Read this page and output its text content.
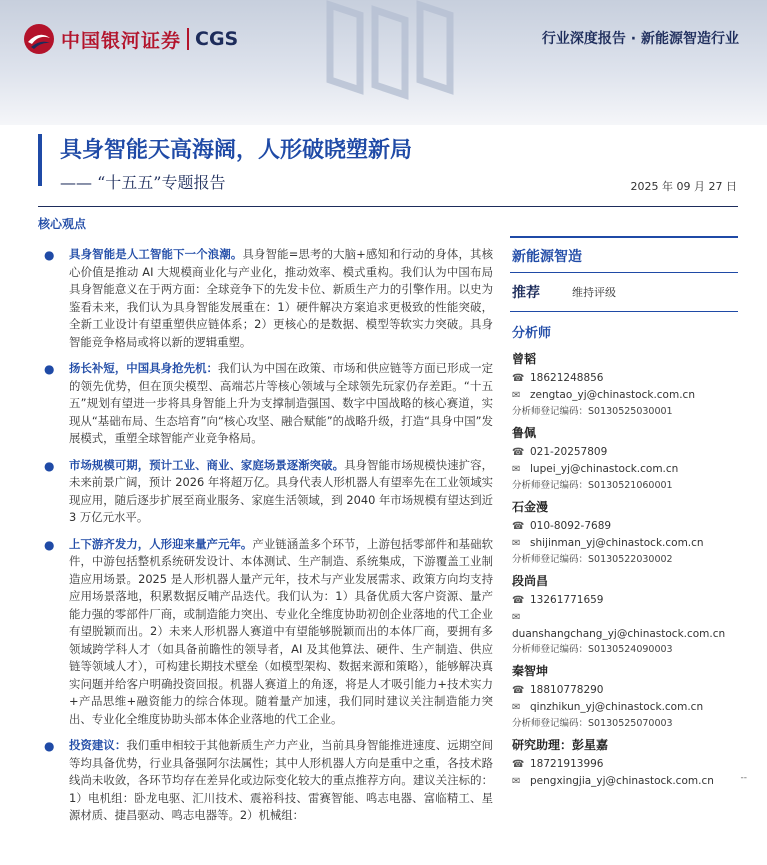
中国银河证券 CGS	行业深度报告 · 新能源智造行业
具身智能天高海阔，人形破晓塑新局
—— “十五五”专题报告	2025 年 09 月 27 日
核心观点
● 具身智能是人工智能下一个浪潮。具身智能=思考的大脑+感知和行动的身体，其核心价值是推动 AI 大规模商业化与产业化，推动效率、模式重构。我们认为中国布局具身智能意义在于两方面：全球竞争下的先发卡位、新质生产力的引擎作用。以史为鉴看未来，我们认为具身智能发展重在：1）硬件解决方案追求更极致的性能突破，全新工业设计有望重塑供应链体系；2）更核心的是数据、模型等软实力突破。具身智能竞争格局或将以新的逻辑重塑。

● 扬长补短，中国具身抢先机：我们认为中国在政策、市场和供应链等方面已形成一定的领先优势，但在顶尖模型、高端芯片等核心领域与全球领先玩家仍存差距。“十五五”规划有望进一步将具身智能上升为支撑制造强国、数字中国战略的核心赛道，实现从“基础布局、生态培育”向“核心攻坚、融合赋能”的战略升级，打造“具身中国”发展模式，重塑全球智能产业竞争格局。

● 市场规模可期，预计工业、商业、家庭场景逐渐突破。具身智能市场规模快速扩容，未来前景广阔，预计 2026 年将超万亿。具身代表人形机器人有望率先在工业领域实现应用，随后逐步扩展至商业服务、家庭生活领域，到 2040 年市场规模有望达到近 3 万亿元水平。

● 上下游齐发力，人形迎来量产元年。产业链涵盖多个环节，上游包括零部件和基础软件，中游包括整机系统研发设计、本体测试、生产制造、系统集成，下游覆盖工业制造应用场景。2025 是人形机器人量产元年，技术与产业发展需求、政策方向均支持应用场景落地，积累数据反哺产品迭代。我们认为：1）具备优质大客户资源、量产能力强的零部件厂商，或制造能力突出、专业化全维度协助初创企业落地的代工企业有望脱颖而出。2）未来人形机器人赛道中有望能够脱颖而出的本体厂商，要拥有多领域跨学科人才（如具备前瞻性的领导者，AI 及其他算法、硬件、生产制造、供应链等领域人才），可构建长期技术壁垒（如模型架构、数据来源和策略），能够解决真实问题并给客户明确投资回报。机器人赛道上的角逐，将是人才吸引能力+技术实力+产品思维+融资能力的综合体现。随着量产加速，我们同时建议关注制造能力突出、专业化全维度协助头部本体企业落地的代工企业。

● 投资建议：我们重申相较于其他新质生产力产业，当前具身智能推进速度、远期空间等均具备优势，行业具备强阿尔法属性；其中人形机器人方向是重中之重，各技术路线尚未收敛，各环节均存在差异化或边际变化较大的重点推荐方向。建议关注标的：1）电机组：卧龙电驱、汇川技术、震裕科技、雷赛智能、鸣志电器、富临精工、星源材质、捷昌驱动、鸣志电器等。2）机械组：

新能源智造
推荐	维持评级
分析师
曾韬
☎ 18621248856
✉ zengtao_yj@chinastock.com.cn
分析师登记编码：S0130525030001
鲁佩
☎ 021-20257809
✉ lupei_yj@chinastock.com.cn
分析师登记编码：S0130521060001
石金漫
☎ 010-8092-7689
✉ shijinman_yj@chinastock.com.cn
分析师登记编码：S0130522030002
段尚昌
☎ 13261771659
✉
duanshangchang_yj@chinastock.com.cn
分析师登记编码：S0130524090003
秦智坤
☎ 18810778290
✉ qinzhikun_yj@chinastock.com.cn
分析师登记编码：S0130525070003
研究助理：彭星嘉
☎ 18721913996
✉ pengxingjia_yj@chinastock.com.cn	--
